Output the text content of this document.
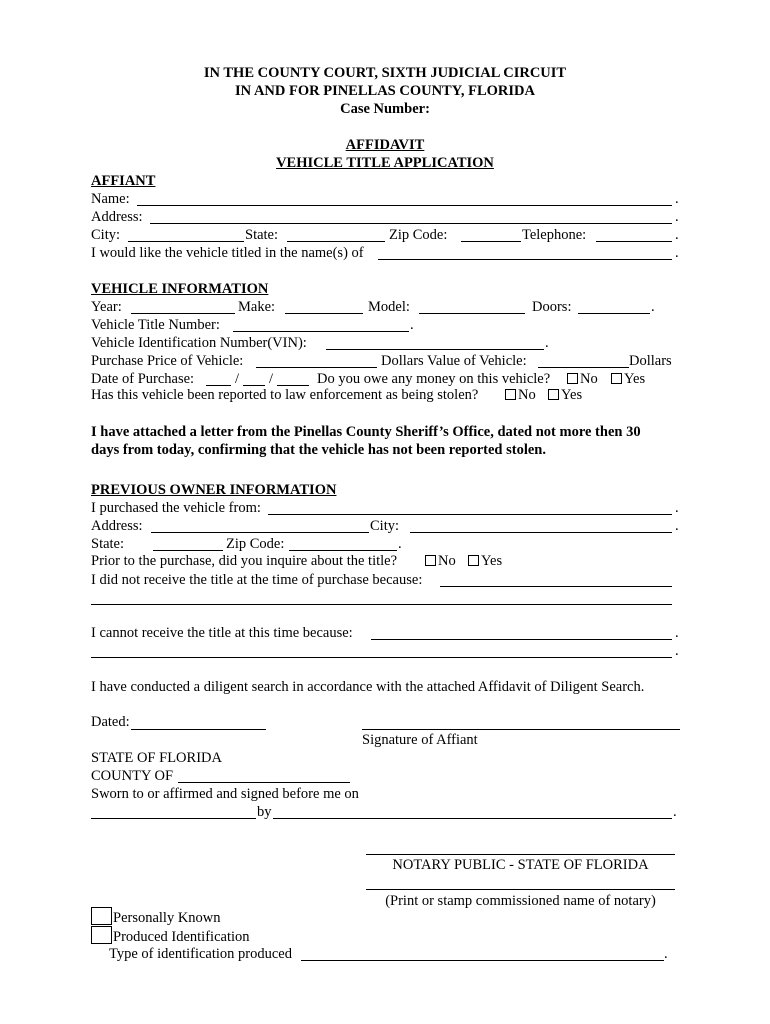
IN THE COUNTY COURT, SIXTH JUDICIAL CIRCUIT
IN AND FOR PINELLAS COUNTY, FLORIDA
Case Number:
AFFIDAVIT
VEHICLE TITLE APPLICATION
AFFIANT
Name:	.
Address:	.
City:	State:	Zip Code:	Telephone:	.
I would like the vehicle titled in the name(s) of	.
VEHICLE INFORMATION
Year:	Make:	Model:	Doors:	.
Vehicle Title Number:	.
Vehicle Identification Number(VIN):	.
Purchase Price of Vehicle:	Dollars Value of Vehicle:	Dollars
Date of Purchase:	/ /	Do you owe any money on this vehicle?	No	Yes
Has this vehicle been reported to law enforcement as being stolen?	No	Yes
I have attached a letter from the Pinellas County Sheriff’s Office, dated not more then 30
days from today, confirming that the vehicle has not been reported stolen.
PREVIOUS OWNER INFORMATION
I purchased the vehicle from:	.
Address:	City:	.
State:	Zip Code:	.
Prior to the purchase, did you inquire about the title?	No	Yes
I did not receive the title at the time of purchase because:
I cannot receive the title at this time because:	.
.
I have conducted a diligent search in accordance with the attached Affidavit of Diligent Search.
Dated:
Signature of Affiant
STATE OF FLORIDA
COUNTY OF
Sworn to or affirmed and signed before me on
by	.
NOTARY PUBLIC - STATE OF FLORIDA
(Print or stamp commissioned name of notary)
Personally Known
Produced Identification
Type of identification produced	.
